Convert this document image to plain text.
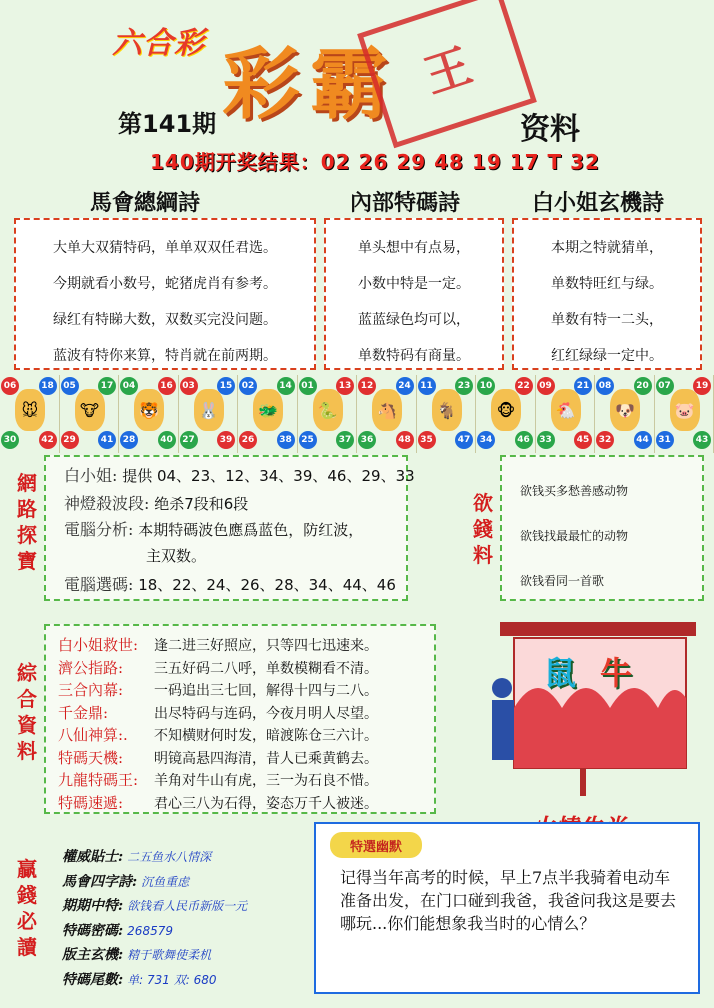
六合彩 彩霸 王
第141期	资料
140期开奖结果：02 26 29 48 19 17 T 32
馬會總綱詩	內部特碼詩	白小姐玄機詩
大单大双猜特码，单单双双任君选。
今期就看小数号，蛇猪虎肖有参考。
绿红有特睇大数，双数买完没问题。
蓝波有特你来算，特肖就在前两期。
单头想中有点易，
小数中特是一定。
蓝蓝绿色均可以，
单数特码有商量。
本期之特就猜单，
单数特旺红与绿。
单数有特一二头，
红红绿绿一定中。
06	18
30	42
🐭
05	17
29	41
🐮
04	16
28	40
🐯
03	15
27	39
🐰
02	14
26	38
🐲
01	13
25	37
🐍
12	24
36	48
🐴
11	23
35	47
🐐
10	22
34	46
🐵
09	21
33	45
🐔
08	20
32	44
🐶
07	19
31	43
🐷
網路探寶
白小姐: 提供 04、23、12、34、39、46、29、33
神燈殺波段: 绝杀7段和6段
電腦分析: 本期特碼波色應爲蓝色，防红波，
主双数。
電腦選碼: 18、22、24、26、28、34、44、46
欲錢料
欲钱买多愁善感动物
欲钱找最最忙的动物
欲钱看同一首歌
綜合資料
白小姐救世: 逢二进三好照应，只等四七迅速来。
濟公指路: 三五好码二八呼，单数模糊看不清。
三合內幕: 一码追出三七回，解得十四与二八。
千金鼎:	出尽特码与连码，今夜月明人尽望。
八仙神算:. 不知横财何时发，暗渡陈仓三六计。
特碼天機: 明镜高悬四海清，昔人已乘黄鹤去。
九龍特碼王: 羊角对牛山有虎，三一为石良不惜。
特碼速遞: 君心三八为石得，姿态万千人被迷。
鼠 牛
贏錢必讀
權威貼士: 二五鱼水八情深
馬會四字詩: 沉鱼重虑
期期中特: 欲钱看人民币新版一元
特碼密碼: 268579
版主玄機: 精于歌舞使柔机
特碼尾數: 单: 731 双: 680
特選幽默
记得当年高考的时候，早上7点半我骑着电动车准备出发，在门口碰到我爸，我爸问我这是要去哪玩...你们能想象我当时的心情么？
